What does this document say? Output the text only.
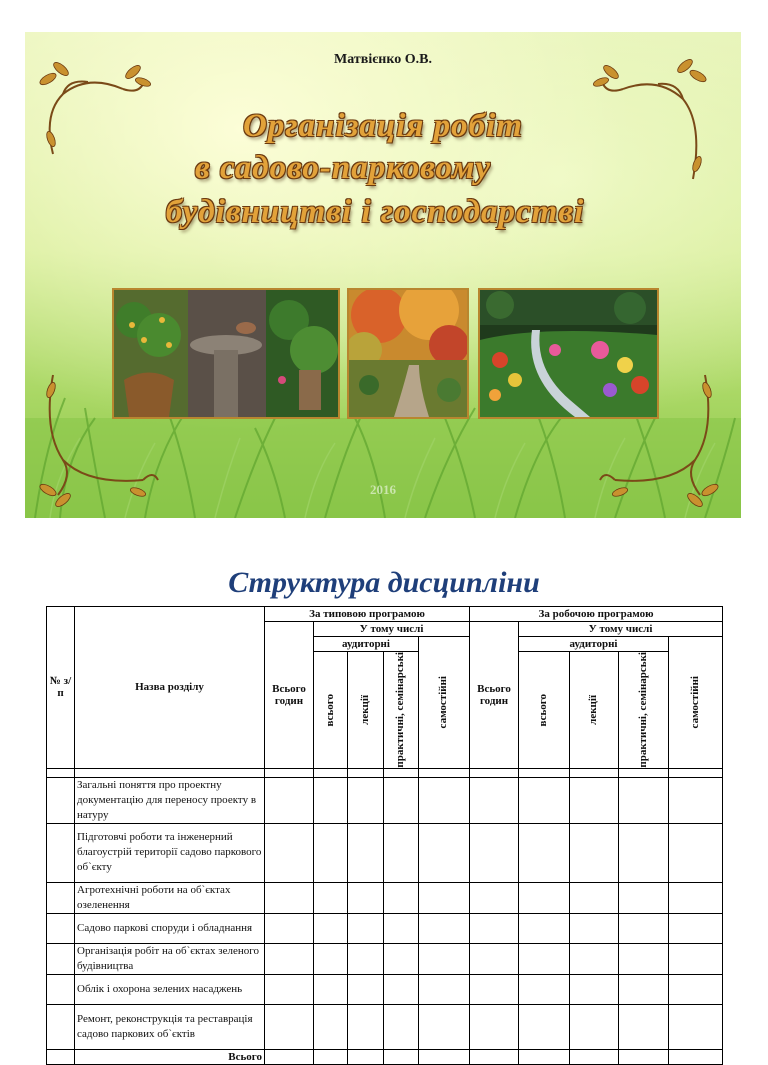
Матвієнко О.В.
Організація робіт
в садово-парковому
будівництві і господарстві
2016
Структура дисципліни
№ з/п	Назва розділу	За типовою програмою					За робочою програмою				
		Всього годин	У тому числі				Всього годин	У тому числі			
			аудиторні			самостійні		аудиторні			самостійні

			всього	лекції	практичні, семінарські			всього	лекції	практичні, семінарські	

	Загальні поняття про проектну документацію для переносу проекту в натуру										
	Підготовчі роботи та інженерний благоустрій території садово паркового об`єкту										
	Агротехнічні роботи на об`єктах озеленення										
	Садово паркові споруди і обладнання										
	Організація робіт на об`єктах зеленого будівництва										
	Облік і охорона зелених насаджень										
	Ремонт, реконструкція та реставрація садово паркових об`єктів										
	Всього										
